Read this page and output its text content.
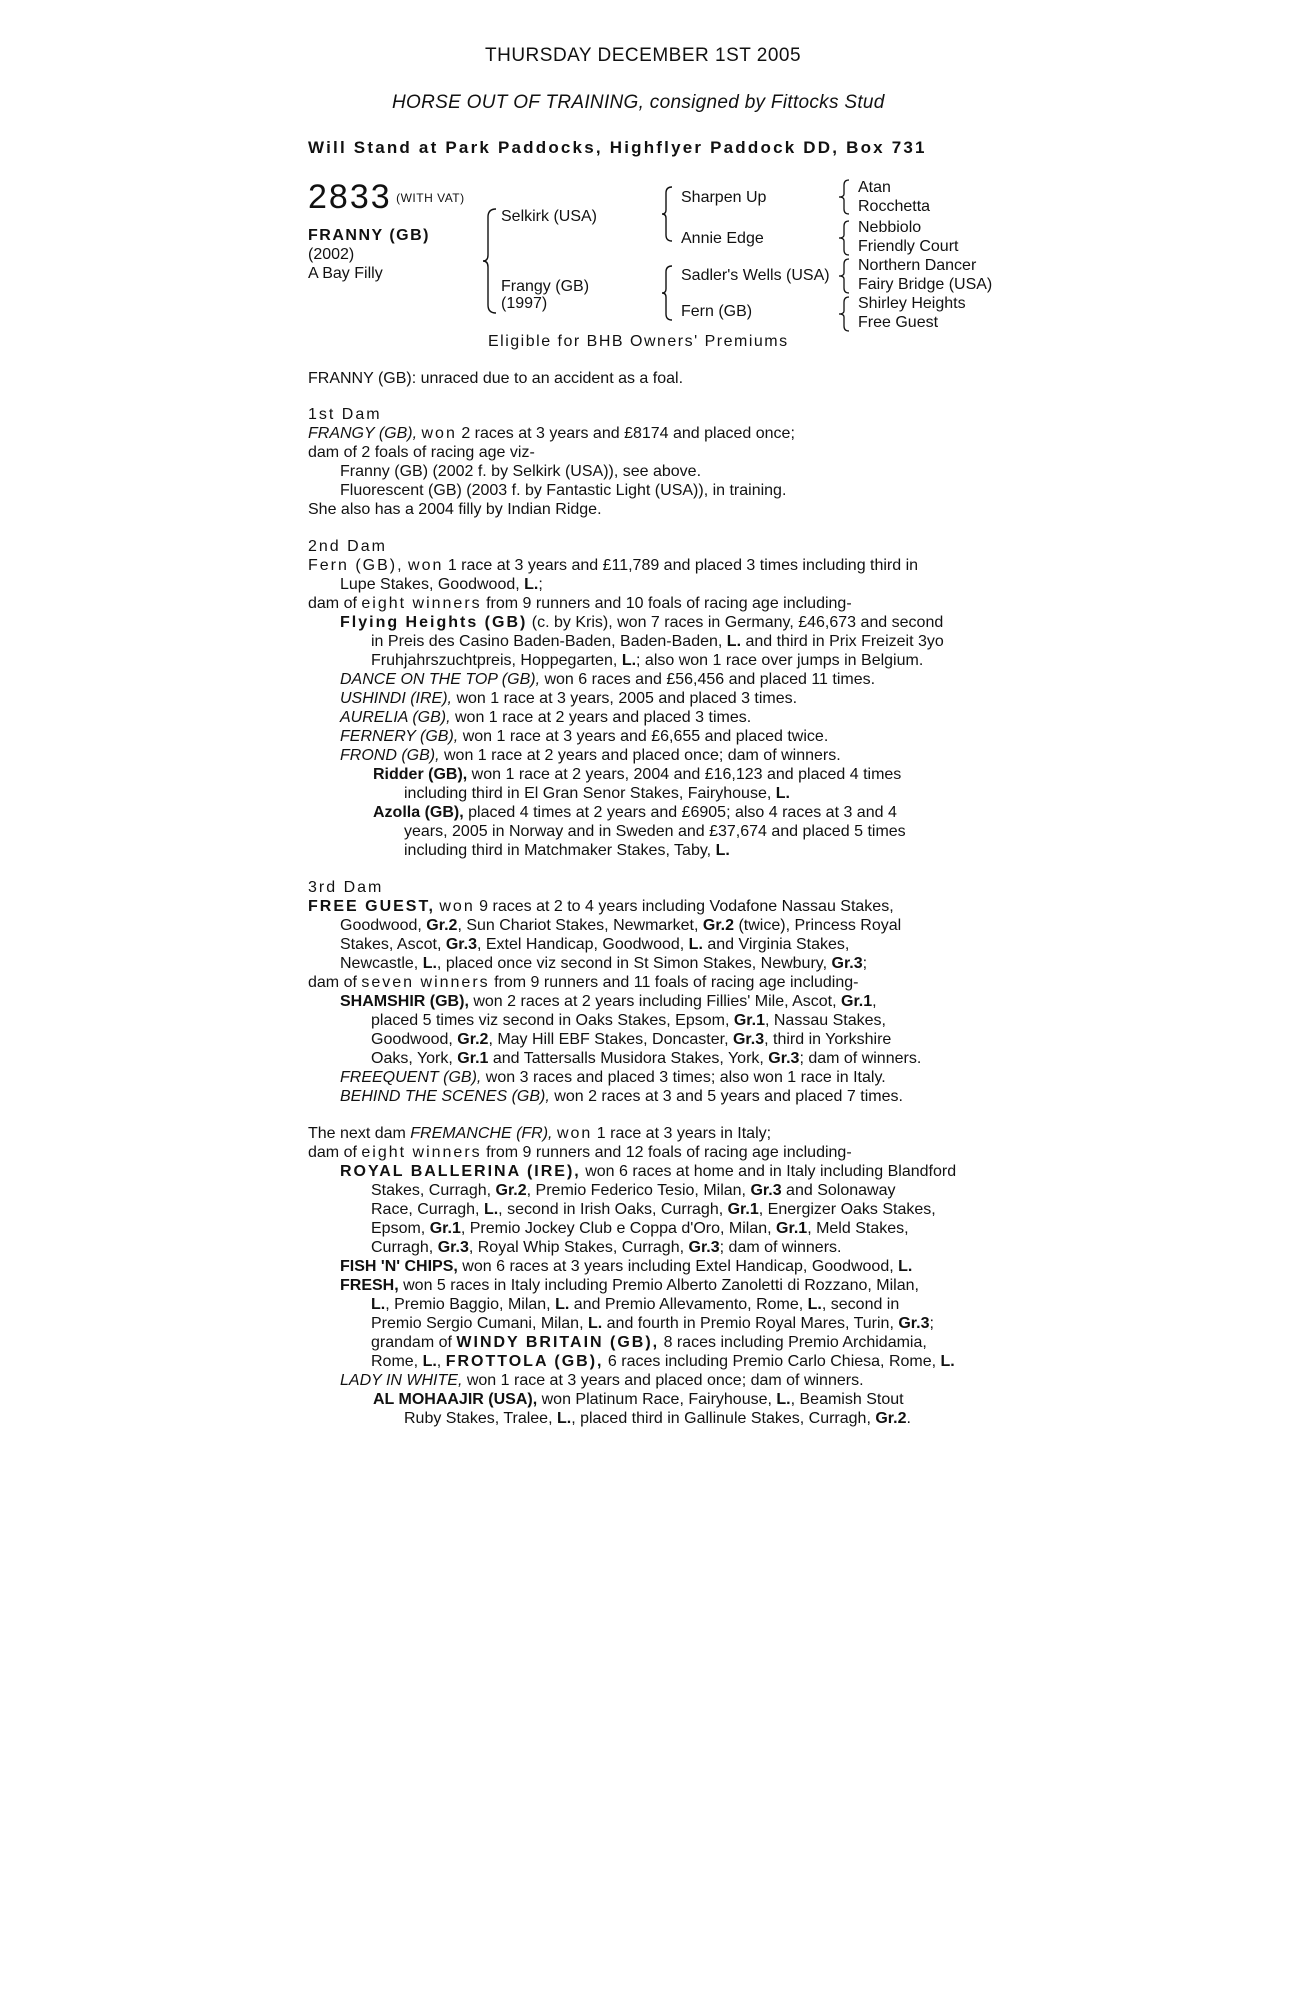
THURSDAY DECEMBER 1ST 2005
HORSE OUT OF TRAINING, consigned by Fittocks Stud
Will Stand at Park Paddocks, Highflyer Paddock DD, Box 731
2833 $^{(WITH VAT)}$
FRANNY (GB)
(2002)
A Bay Filly
Selkirk (USA)
Frangy (GB)
(1997)
Sharpen Up
Annie Edge
Sadler's Wells (USA)
Fern (GB)
Atan
Rocchetta
Nebbiolo
Friendly Court
Northern Dancer
Fairy Bridge (USA)
Shirley Heights
Free Guest
Eligible for BHB Owners' Premiums
FRANNY (GB): unraced due to an accident as a foal.
1st Dam
FRANGY (GB), won 2 races at 3 years and £8174 and placed once;
dam of 2 foals of racing age viz-
Franny (GB) (2002 f. by Selkirk (USA)), see above.
Fluorescent (GB) (2003 f. by Fantastic Light (USA)), in training.
She also has a 2004 filly by Indian Ridge.
2nd Dam
Fern (GB), won 1 race at 3 years and £11,789 and placed 3 times including third in
Lupe Stakes, Goodwood, L.;
dam of eight winners from 9 runners and 10 foals of racing age including-
Flying Heights (GB) (c. by Kris), won 7 races in Germany, £46,673 and second
in Preis des Casino Baden-Baden, Baden-Baden, L. and third in Prix Freizeit 3yo
Fruhjahrszuchtpreis, Hoppegarten, L.; also won 1 race over jumps in Belgium.
DANCE ON THE TOP (GB), won 6 races and £56,456 and placed 11 times.
USHINDI (IRE), won 1 race at 3 years, 2005 and placed 3 times.
AURELIA (GB), won 1 race at 2 years and placed 3 times.
FERNERY (GB), won 1 race at 3 years and £6,655 and placed twice.
FROND (GB), won 1 race at 2 years and placed once; dam of winners.
Ridder (GB), won 1 race at 2 years, 2004 and £16,123 and placed 4 times
including third in El Gran Senor Stakes, Fairyhouse, L.
Azolla (GB), placed 4 times at 2 years and £6905; also 4 races at 3 and 4
years, 2005 in Norway and in Sweden and £37,674 and placed 5 times
including third in Matchmaker Stakes, Taby, L.
3rd Dam
FREE GUEST, won 9 races at 2 to 4 years including Vodafone Nassau Stakes,
Goodwood, Gr.2, Sun Chariot Stakes, Newmarket, Gr.2 (twice), Princess Royal
Stakes, Ascot, Gr.3, Extel Handicap, Goodwood, L. and Virginia Stakes,
Newcastle, L., placed once viz second in St Simon Stakes, Newbury, Gr.3;
dam of seven winners from 9 runners and 11 foals of racing age including-
SHAMSHIR (GB), won 2 races at 2 years including Fillies' Mile, Ascot, Gr.1,
placed 5 times viz second in Oaks Stakes, Epsom, Gr.1, Nassau Stakes,
Goodwood, Gr.2, May Hill EBF Stakes, Doncaster, Gr.3, third in Yorkshire
Oaks, York, Gr.1 and Tattersalls Musidora Stakes, York, Gr.3; dam of winners.
FREEQUENT (GB), won 3 races and placed 3 times; also won 1 race in Italy.
BEHIND THE SCENES (GB), won 2 races at 3 and 5 years and placed 7 times.
The next dam FREMANCHE (FR), won 1 race at 3 years in Italy;
dam of eight winners from 9 runners and 12 foals of racing age including-
ROYAL BALLERINA (IRE), won 6 races at home and in Italy including Blandford
Stakes, Curragh, Gr.2, Premio Federico Tesio, Milan, Gr.3 and Solonaway
Race, Curragh, L., second in Irish Oaks, Curragh, Gr.1, Energizer Oaks Stakes,
Epsom, Gr.1, Premio Jockey Club e Coppa d'Oro, Milan, Gr.1, Meld Stakes,
Curragh, Gr.3, Royal Whip Stakes, Curragh, Gr.3; dam of winners.
FISH 'N' CHIPS, won 6 races at 3 years including Extel Handicap, Goodwood, L.
FRESH, won 5 races in Italy including Premio Alberto Zanoletti di Rozzano, Milan,
L., Premio Baggio, Milan, L. and Premio Allevamento, Rome, L., second in
Premio Sergio Cumani, Milan, L. and fourth in Premio Royal Mares, Turin, Gr.3;
grandam of WINDY BRITAIN (GB), 8 races including Premio Archidamia,
Rome, L., FROTTOLA (GB), 6 races including Premio Carlo Chiesa, Rome, L.
LADY IN WHITE, won 1 race at 3 years and placed once; dam of winners.
AL MOHAAJIR (USA), won Platinum Race, Fairyhouse, L., Beamish Stout
Ruby Stakes, Tralee, L., placed third in Gallinule Stakes, Curragh, Gr.2.
